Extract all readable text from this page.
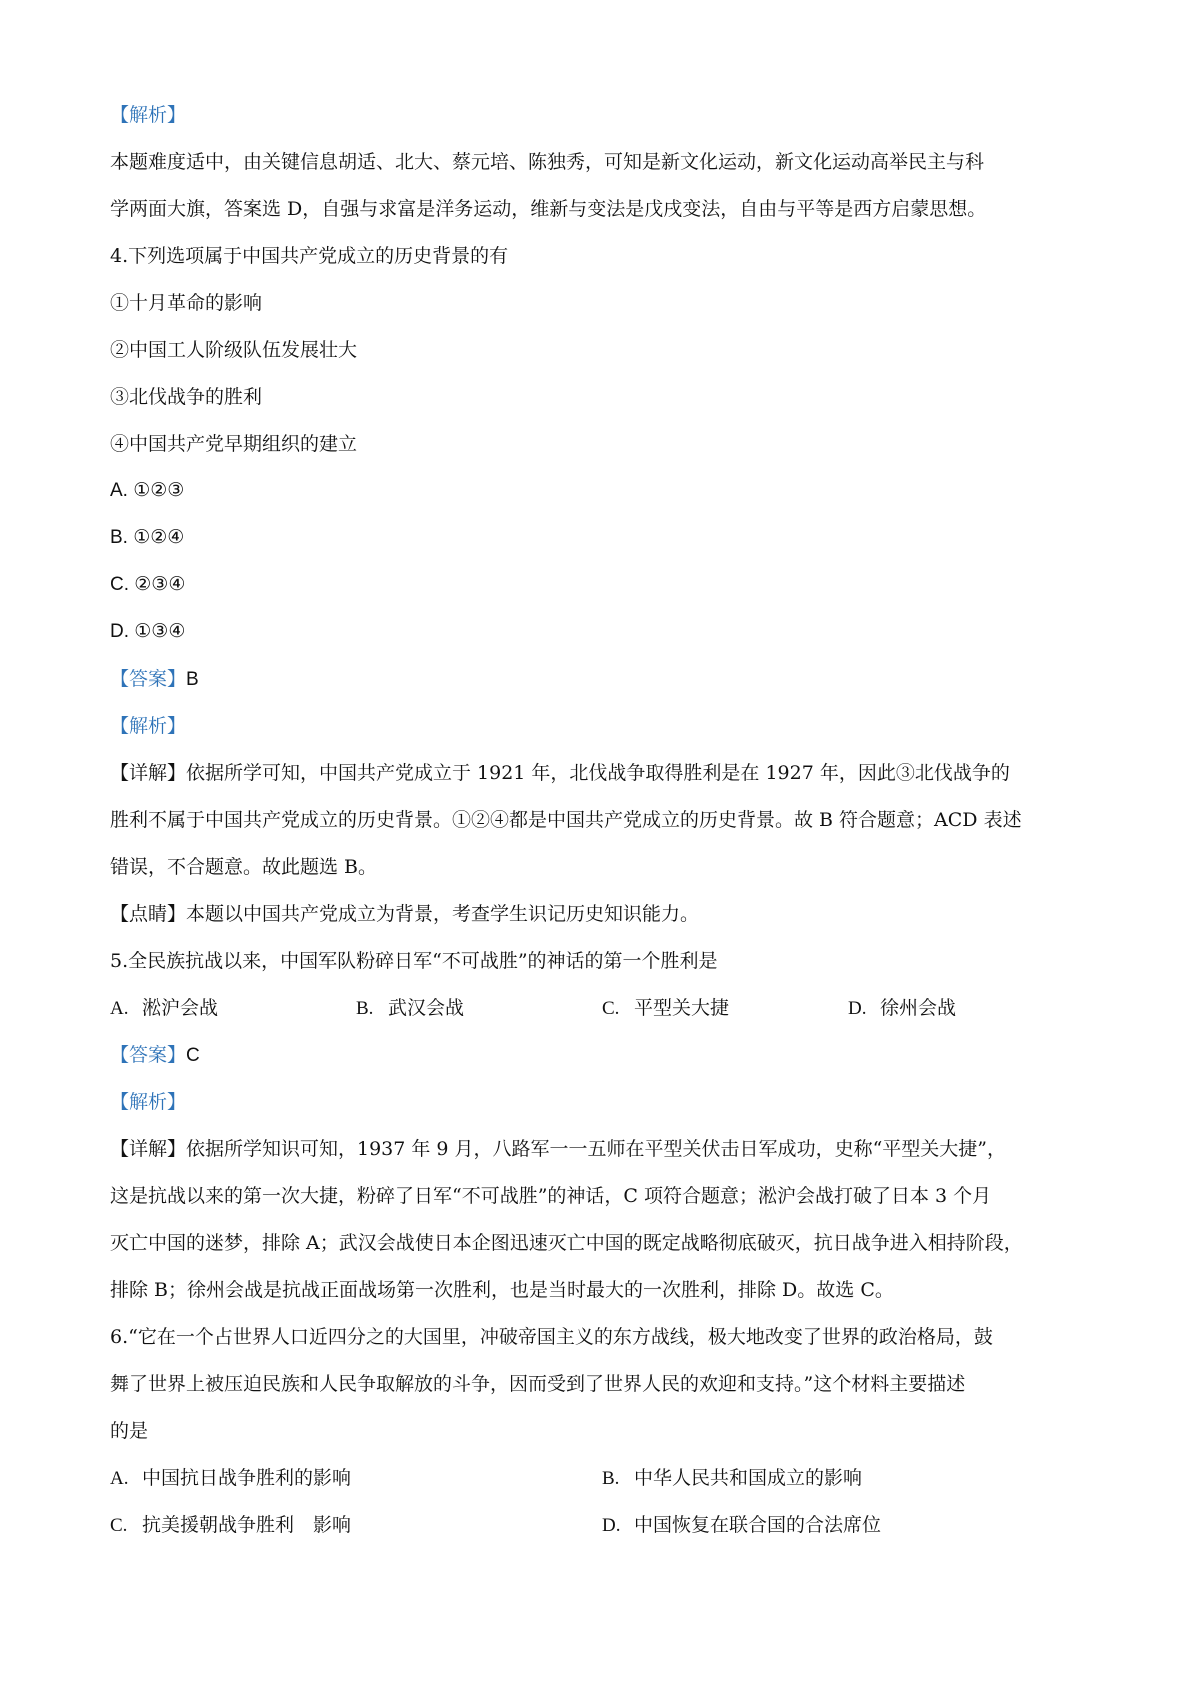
【解析】
本题难度适中，由关键信息胡适、北大、蔡元培、陈独秀，可知是新文化运动，新文化运动高举民主与科
学两面大旗，答案选 D，自强与求富是洋务运动，维新与变法是戊戌变法，自由与平等是西方启蒙思想。
4.下列选项属于中国共产党成立的历史背景的有
①十月革命的影响
②中国工人阶级队伍发展壮大
③北伐战争的胜利
④中国共产党早期组织的建立
A. ①②③
B. ①②④
C. ②③④
D. ①③④
【答案】B
【解析】
【详解】依据所学可知，中国共产党成立于 1921 年，北伐战争取得胜利是在 1927 年，因此③北伐战争的
胜利不属于中国共产党成立的历史背景。①②④都是中国共产党成立的历史背景。故 B 符合题意；ACD 表述
错误，不合题意。故此题选 B。
【点睛】本题以中国共产党成立为背景，考查学生识记历史知识能力。
5.全民族抗战以来，中国军队粉碎日军“不可战胜”的神话的第一个胜利是
A. 淞沪会战	B. 武汉会战	C. 平型关大捷	D. 徐州会战
【答案】C
【解析】
【详解】依据所学知识可知，1937 年 9 月，八路军一一五师在平型关伏击日军成功，史称“平型关大捷”，
这是抗战以来的第一次大捷，粉碎了日军“不可战胜”的神话，C 项符合题意；淞沪会战打破了日本 3 个月
灭亡中国的迷梦，排除 A；武汉会战使日本企图迅速灭亡中国的既定战略彻底破灭，抗日战争进入相持阶段，
排除 B；徐州会战是抗战正面战场第一次胜利，也是当时最大的一次胜利，排除 D。故选 C。
6.“它在一个占世界人口近四分之的大国里，冲破帝国主义的东方战线，极大地改变了世界的政治格局，鼓
舞了世界上被压迫民族和人民争取解放的斗争，因而受到了世界人民的欢迎和支持。”这个材料主要描述
的是
A. 中国抗日战争胜利的影响	B. 中华人民共和国成立的影响
C. 抗美援朝战争胜利　影响	D. 中国恢复在联合国的合法席位
